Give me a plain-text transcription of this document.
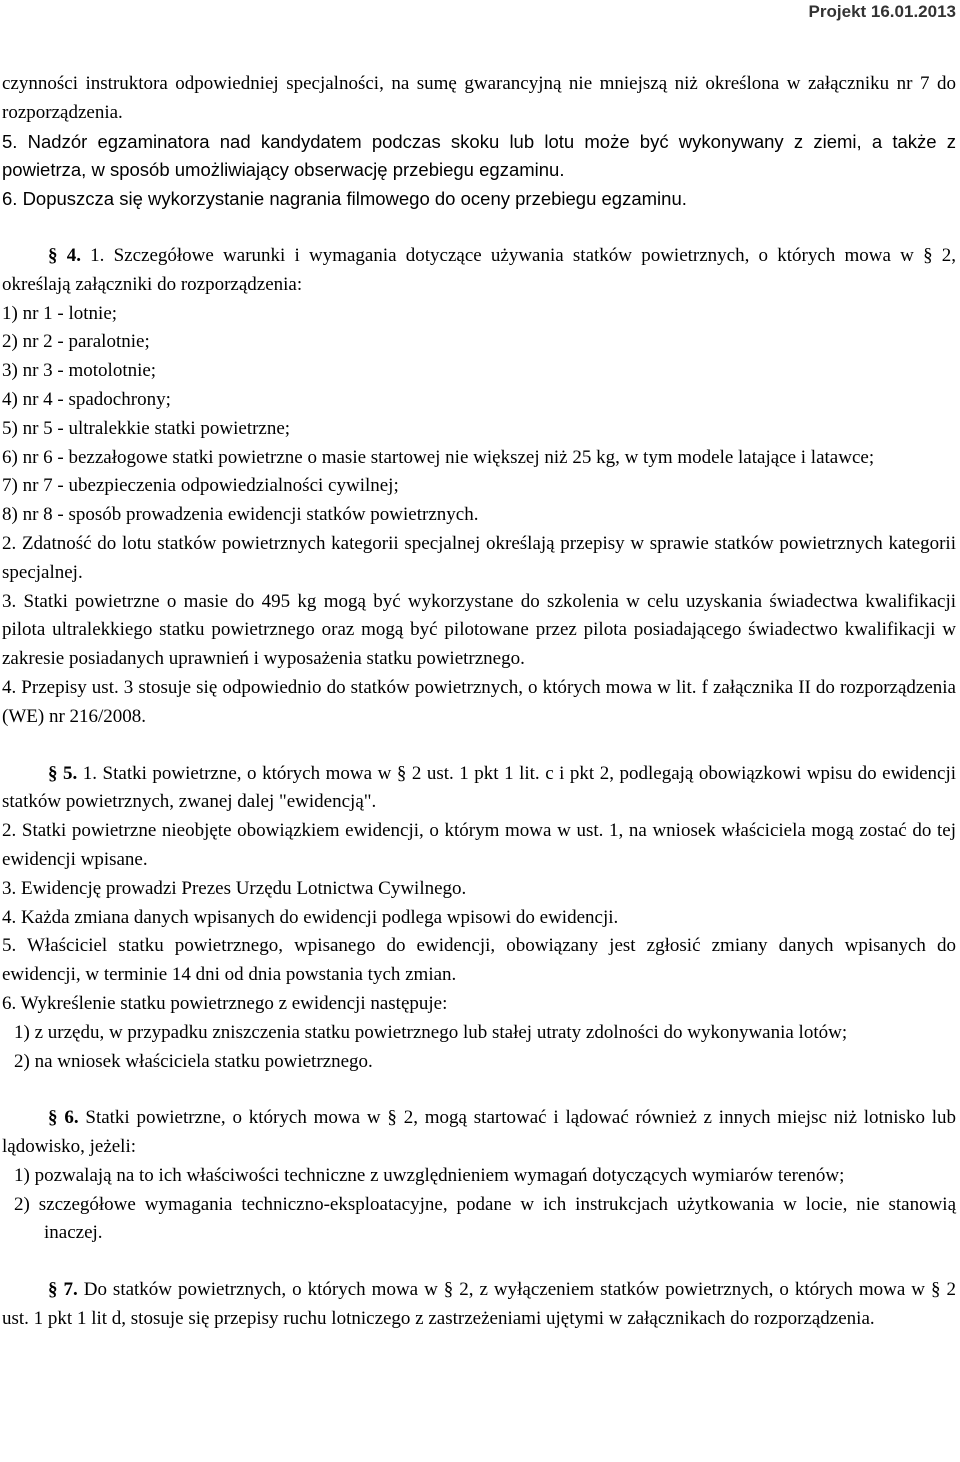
Projekt 16.01.2013

czynności instruktora odpowiedniej specjalności, na sumę gwarancyjną nie mniejszą niż określona w załączniku nr 7 do rozporządzenia.

5. Nadzór egzaminatora nad kandydatem podczas skoku lub lotu może być wykonywany z ziemi, a także z powietrza, w sposób umożliwiający obserwację przebiegu egzaminu.

6. Dopuszcza się wykorzystanie nagrania filmowego do oceny przebiegu egzaminu.

§ 4. 1. Szczegółowe warunki i wymagania dotyczące używania statków powietrznych, o których mowa w § 2, określają załączniki do rozporządzenia:

1) nr 1 - lotnie;

2) nr 2 - paralotnie;

3) nr 3 - motolotnie;

4) nr 4 - spadochrony;

5) nr 5 - ultralekkie statki powietrzne;

6) nr 6 - bezzałogowe statki powietrzne o masie startowej nie większej niż 25 kg, w tym modele latające i latawce;

7) nr 7 - ubezpieczenia odpowiedzialności cywilnej;

8) nr 8 - sposób prowadzenia ewidencji statków powietrznych.

2. Zdatność do lotu statków powietrznych kategorii specjalnej określają przepisy w sprawie statków powietrznych kategorii specjalnej.

3. Statki powietrzne o masie do 495 kg mogą być wykorzystane do szkolenia w celu uzyskania świadectwa kwalifikacji pilota ultralekkiego statku powietrznego oraz mogą być pilotowane przez pilota posiadającego świadectwo kwalifikacji w zakresie posiadanych uprawnień i wyposażenia statku powietrznego.

4. Przepisy ust. 3 stosuje się odpowiednio do statków powietrznych, o których mowa w lit. f załącznika II do rozporządzenia (WE) nr 216/2008.

§ 5. 1. Statki powietrzne, o których mowa w § 2 ust. 1 pkt 1 lit. c i pkt 2, podlegają obowiązkowi wpisu do ewidencji statków powietrznych, zwanej dalej "ewidencją".

2. Statki powietrzne nieobjęte obowiązkiem ewidencji, o którym mowa w ust. 1, na wniosek właściciela mogą zostać do tej ewidencji wpisane.

3. Ewidencję prowadzi Prezes Urzędu Lotnictwa Cywilnego.

4. Każda zmiana danych wpisanych do ewidencji podlega wpisowi do ewidencji.

5. Właściciel statku powietrznego, wpisanego do ewidencji, obowiązany jest zgłosić zmiany danych wpisanych do ewidencji, w terminie 14 dni od dnia powstania tych zmian.

6. Wykreślenie statku powietrznego z ewidencji następuje:

1) z urzędu, w przypadku zniszczenia statku powietrznego lub stałej utraty zdolności do wykonywania lotów;

2) na wniosek właściciela statku powietrznego.

§ 6. Statki powietrzne, o których mowa w § 2, mogą startować i lądować również z innych miejsc niż lotnisko lub lądowisko, jeżeli:

1) pozwalają na to ich właściwości techniczne z uwzględnieniem wymagań dotyczących wymiarów terenów;

2) szczegółowe wymagania techniczno-eksploatacyjne, podane w ich instrukcjach użytkowania w locie, nie stanowią inaczej.

§ 7. Do statków powietrznych, o których mowa w § 2, z wyłączeniem statków powietrznych, o których mowa w § 2 ust. 1 pkt 1 lit d, stosuje się przepisy ruchu lotniczego z zastrzeżeniami ujętymi w załącznikach do rozporządzenia.
